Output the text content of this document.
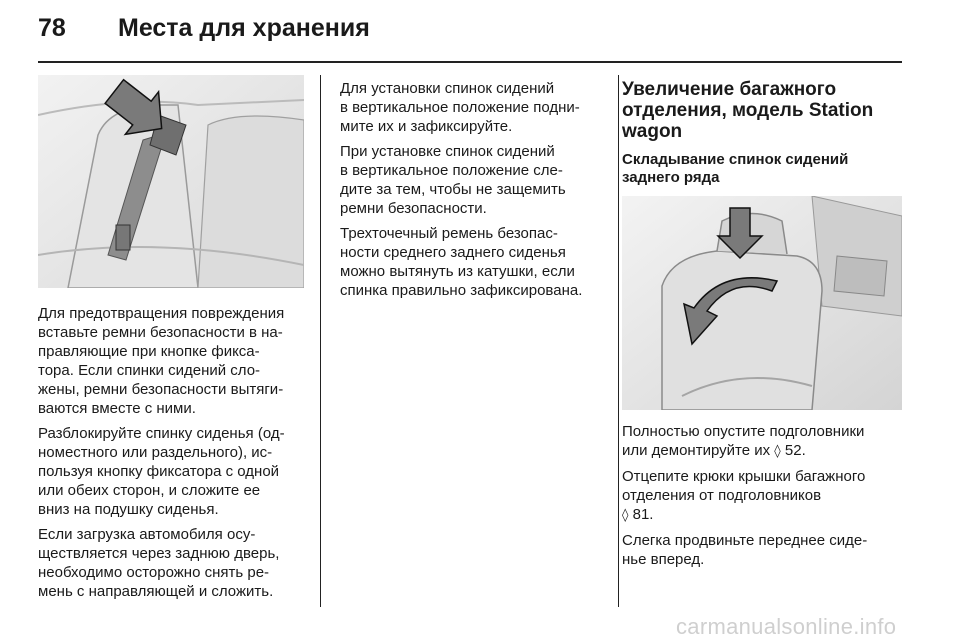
78 Места для хранения

Для предотвращения повреждения
вставьте ремни безопасности в на-
правляющие при кнопке фикса-
тора. Если спинки сидений сло-
жены, ремни безопасности вытяги-
ваются вместе с ними.

Разблокируйте спинку сиденья (од-
номестного или раздельного), ис-
пользуя кнопку фиксатора с одной
или обеих сторон, и сложите ее
вниз на подушку сиденья.

Если загрузка автомобиля осу-
ществляется через заднюю дверь,
необходимо осторожно снять ре-
мень с направляющей и сложить.

Для установки спинок сидений
в вертикальное положение подни-
мите их и зафиксируйте.

При установке спинок сидений
в вертикальное положение сле-
дите за тем, чтобы не защемить
ремни безопасности.

Трехточечный ремень безопас-
ности среднего заднего сиденья
можно вытянуть из катушки, если
спинка правильно зафиксирована.

Увеличение багажного
отделения, модель Station
wagon
Складывание спинок сидений
заднего ряда

Полностью опустите подголовники
или демонтируйте их ◊ 52.

Отцепите крюки крышки багажного
отделения от подголовников
◊ 81.

Слегка продвиньте переднее сиде-
нье вперед.

carmanualsonline.info
